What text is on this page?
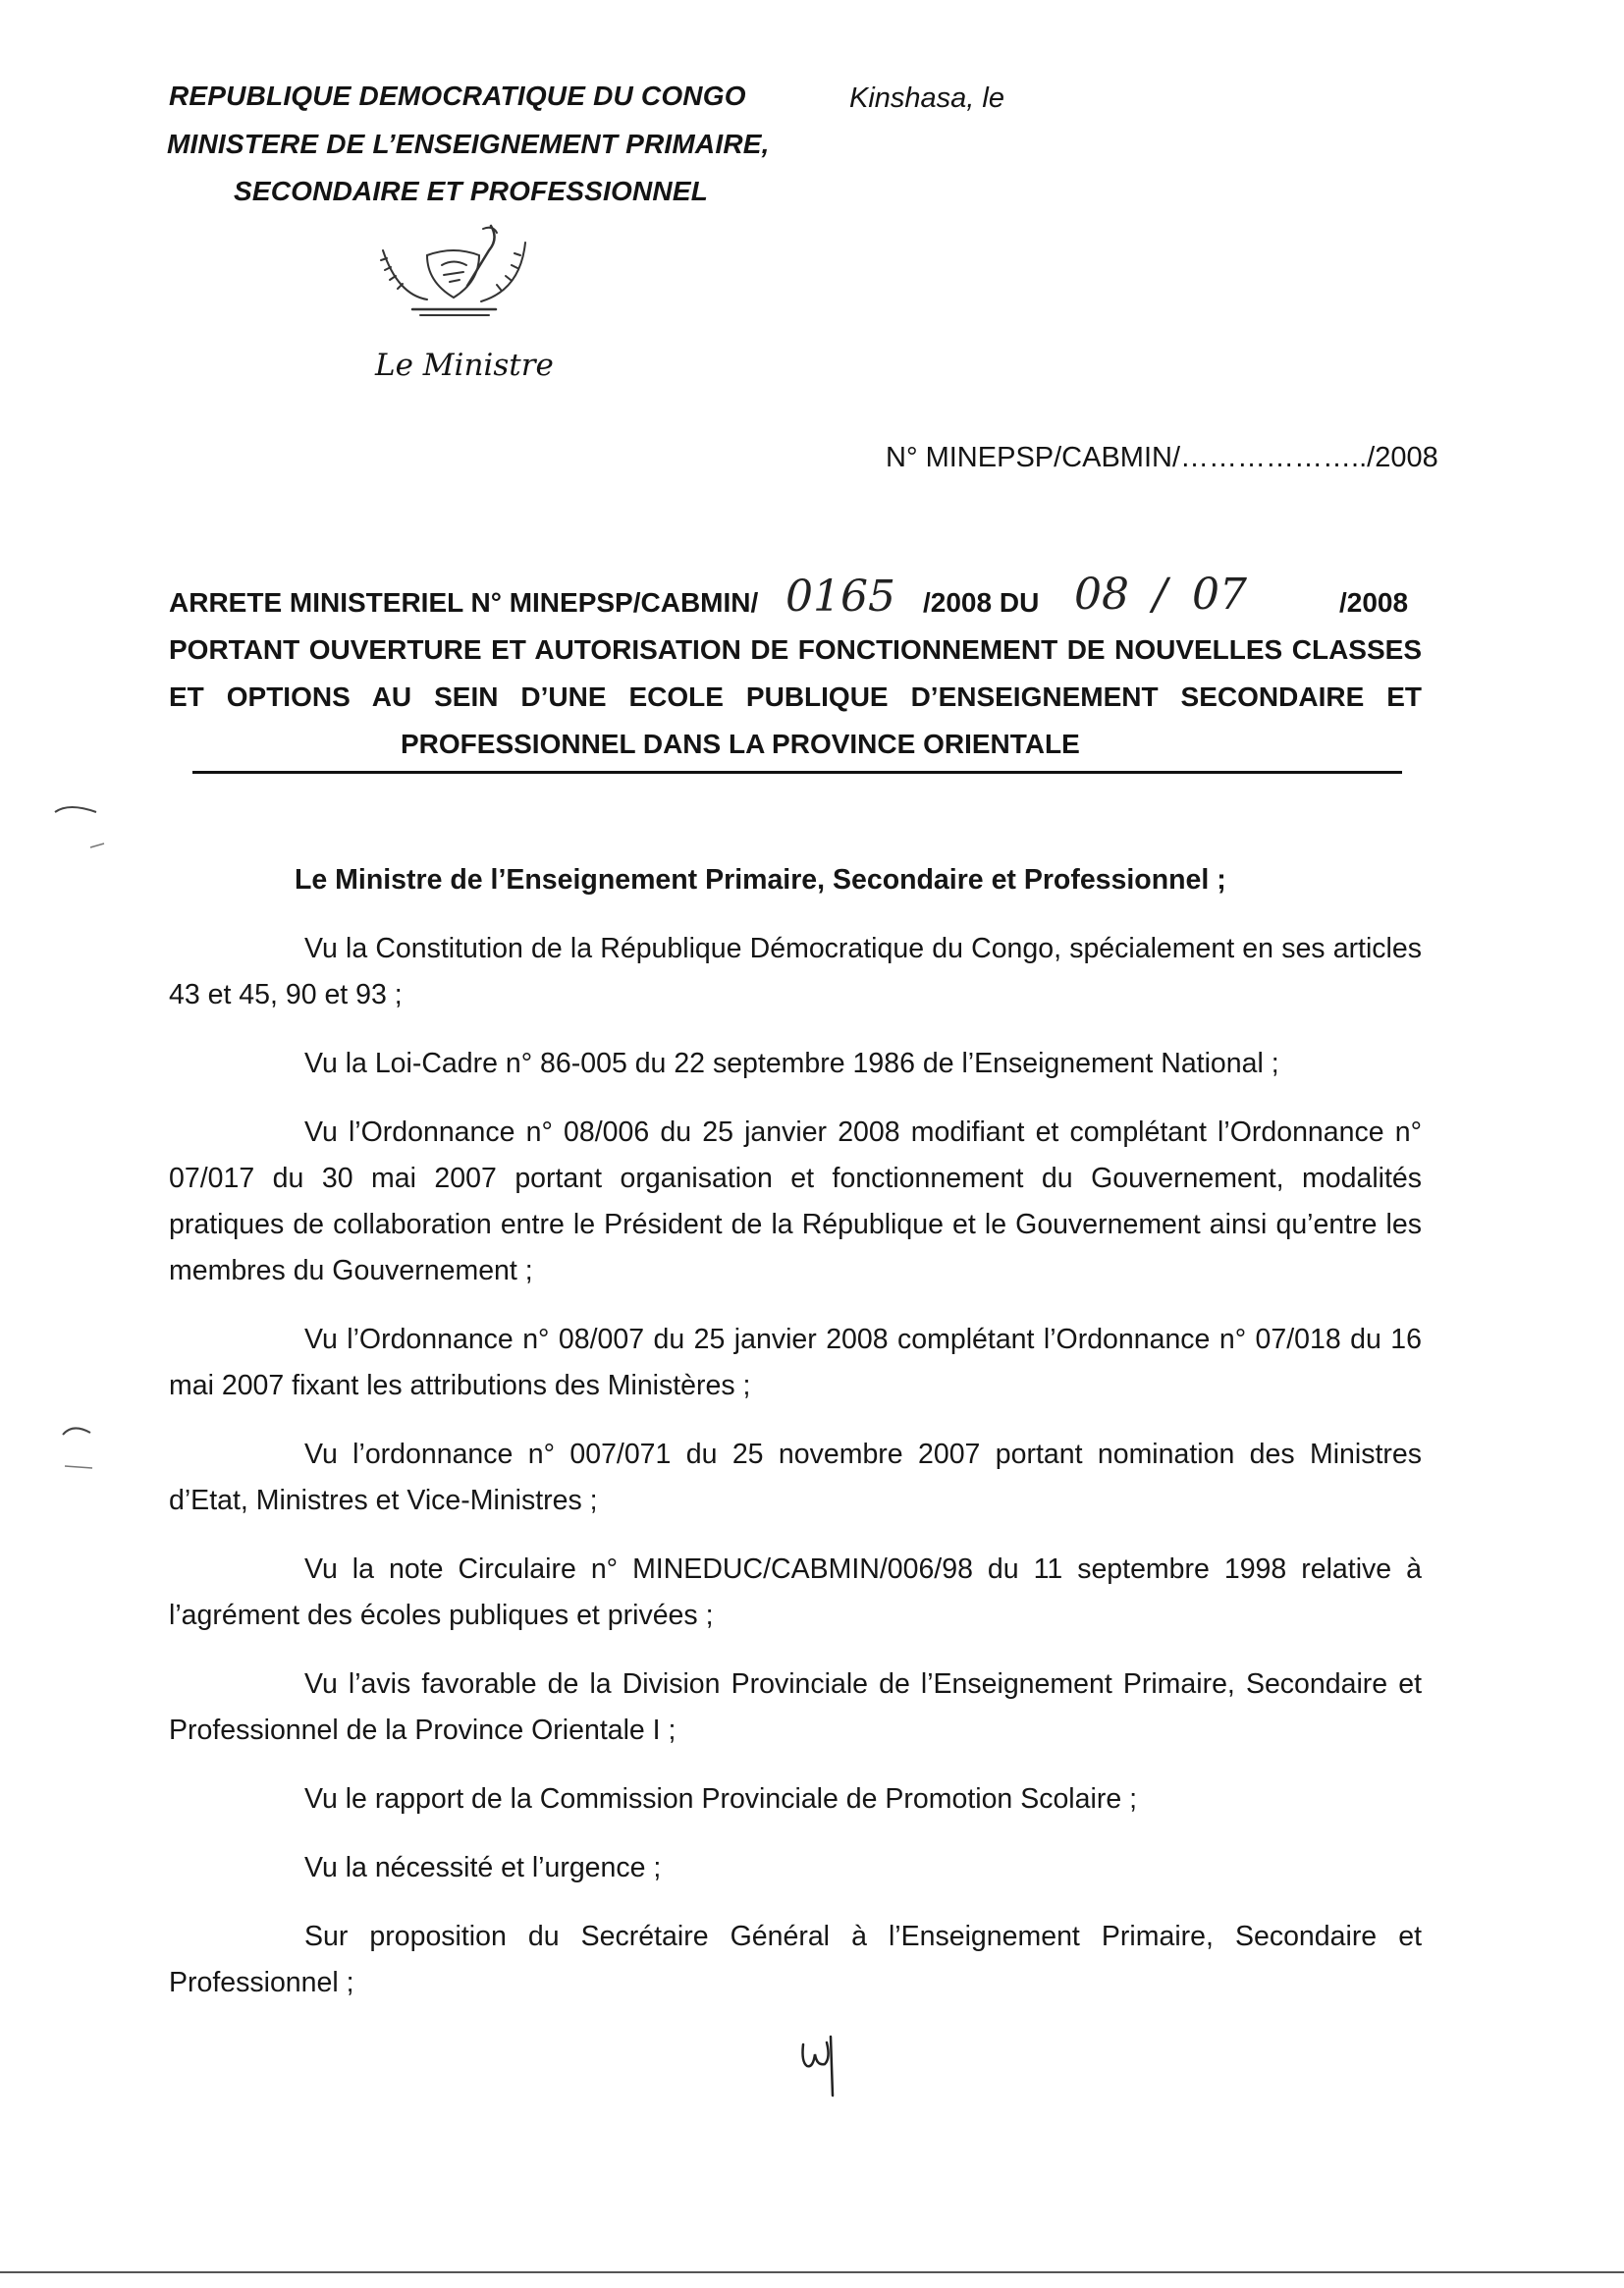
REPUBLIQUE DEMOCRATIQUE DU CONGO
MINISTERE DE L’ENSEIGNEMENT PRIMAIRE,
SECONDAIRE ET PROFESSIONNEL
Kinshasa, le
Le Ministre
N° MINEPSP/CABMIN/………………../2008
ARRETE MINISTERIEL N° MINEPSP/CABMIN/ 0165 /2008 DU 08 / 07	/2008
PORTANT OUVERTURE ET AUTORISATION DE FONCTIONNEMENT DE NOUVELLES CLASSES
ET OPTIONS AU SEIN D’UNE ECOLE PUBLIQUE D’ENSEIGNEMENT SECONDAIRE ET
PROFESSIONNEL DANS LA PROVINCE ORIENTALE

Le Ministre de l’Enseignement Primaire, Secondaire et Professionnel ;

Vu la Constitution de la République Démocratique du Congo, spécialement en ses articles 43 et 45, 90 et 93 ;

Vu la Loi-Cadre n° 86-005 du 22 septembre 1986 de l’Enseignement National ;

Vu l’Ordonnance n° 08/006 du 25 janvier 2008 modifiant et complétant l’Ordonnance n° 07/017 du 30 mai 2007 portant organisation et fonctionnement du Gouvernement, modalités pratiques de collaboration entre le Président de la République et le Gouvernement ainsi qu’entre les membres du Gouvernement ;

Vu l’Ordonnance n° 08/007 du 25 janvier 2008 complétant l’Ordonnance n° 07/018 du 16 mai 2007 fixant les attributions des Ministères ;

Vu l’ordonnance n° 007/071 du 25 novembre 2007 portant nomination des Ministres d’Etat, Ministres et Vice-Ministres ;

Vu la note Circulaire n° MINEDUC/CABMIN/006/98 du 11 septembre 1998 relative à l’agrément des écoles publiques et privées ;

Vu l’avis favorable de la Division Provinciale de l’Enseignement Primaire, Secondaire et Professionnel de la Province Orientale I ;

Vu le rapport de la Commission Provinciale de Promotion Scolaire ;

Vu la nécessité et l’urgence ;

Sur proposition du Secrétaire Général à l’Enseignement Primaire, Secondaire et Professionnel ;
